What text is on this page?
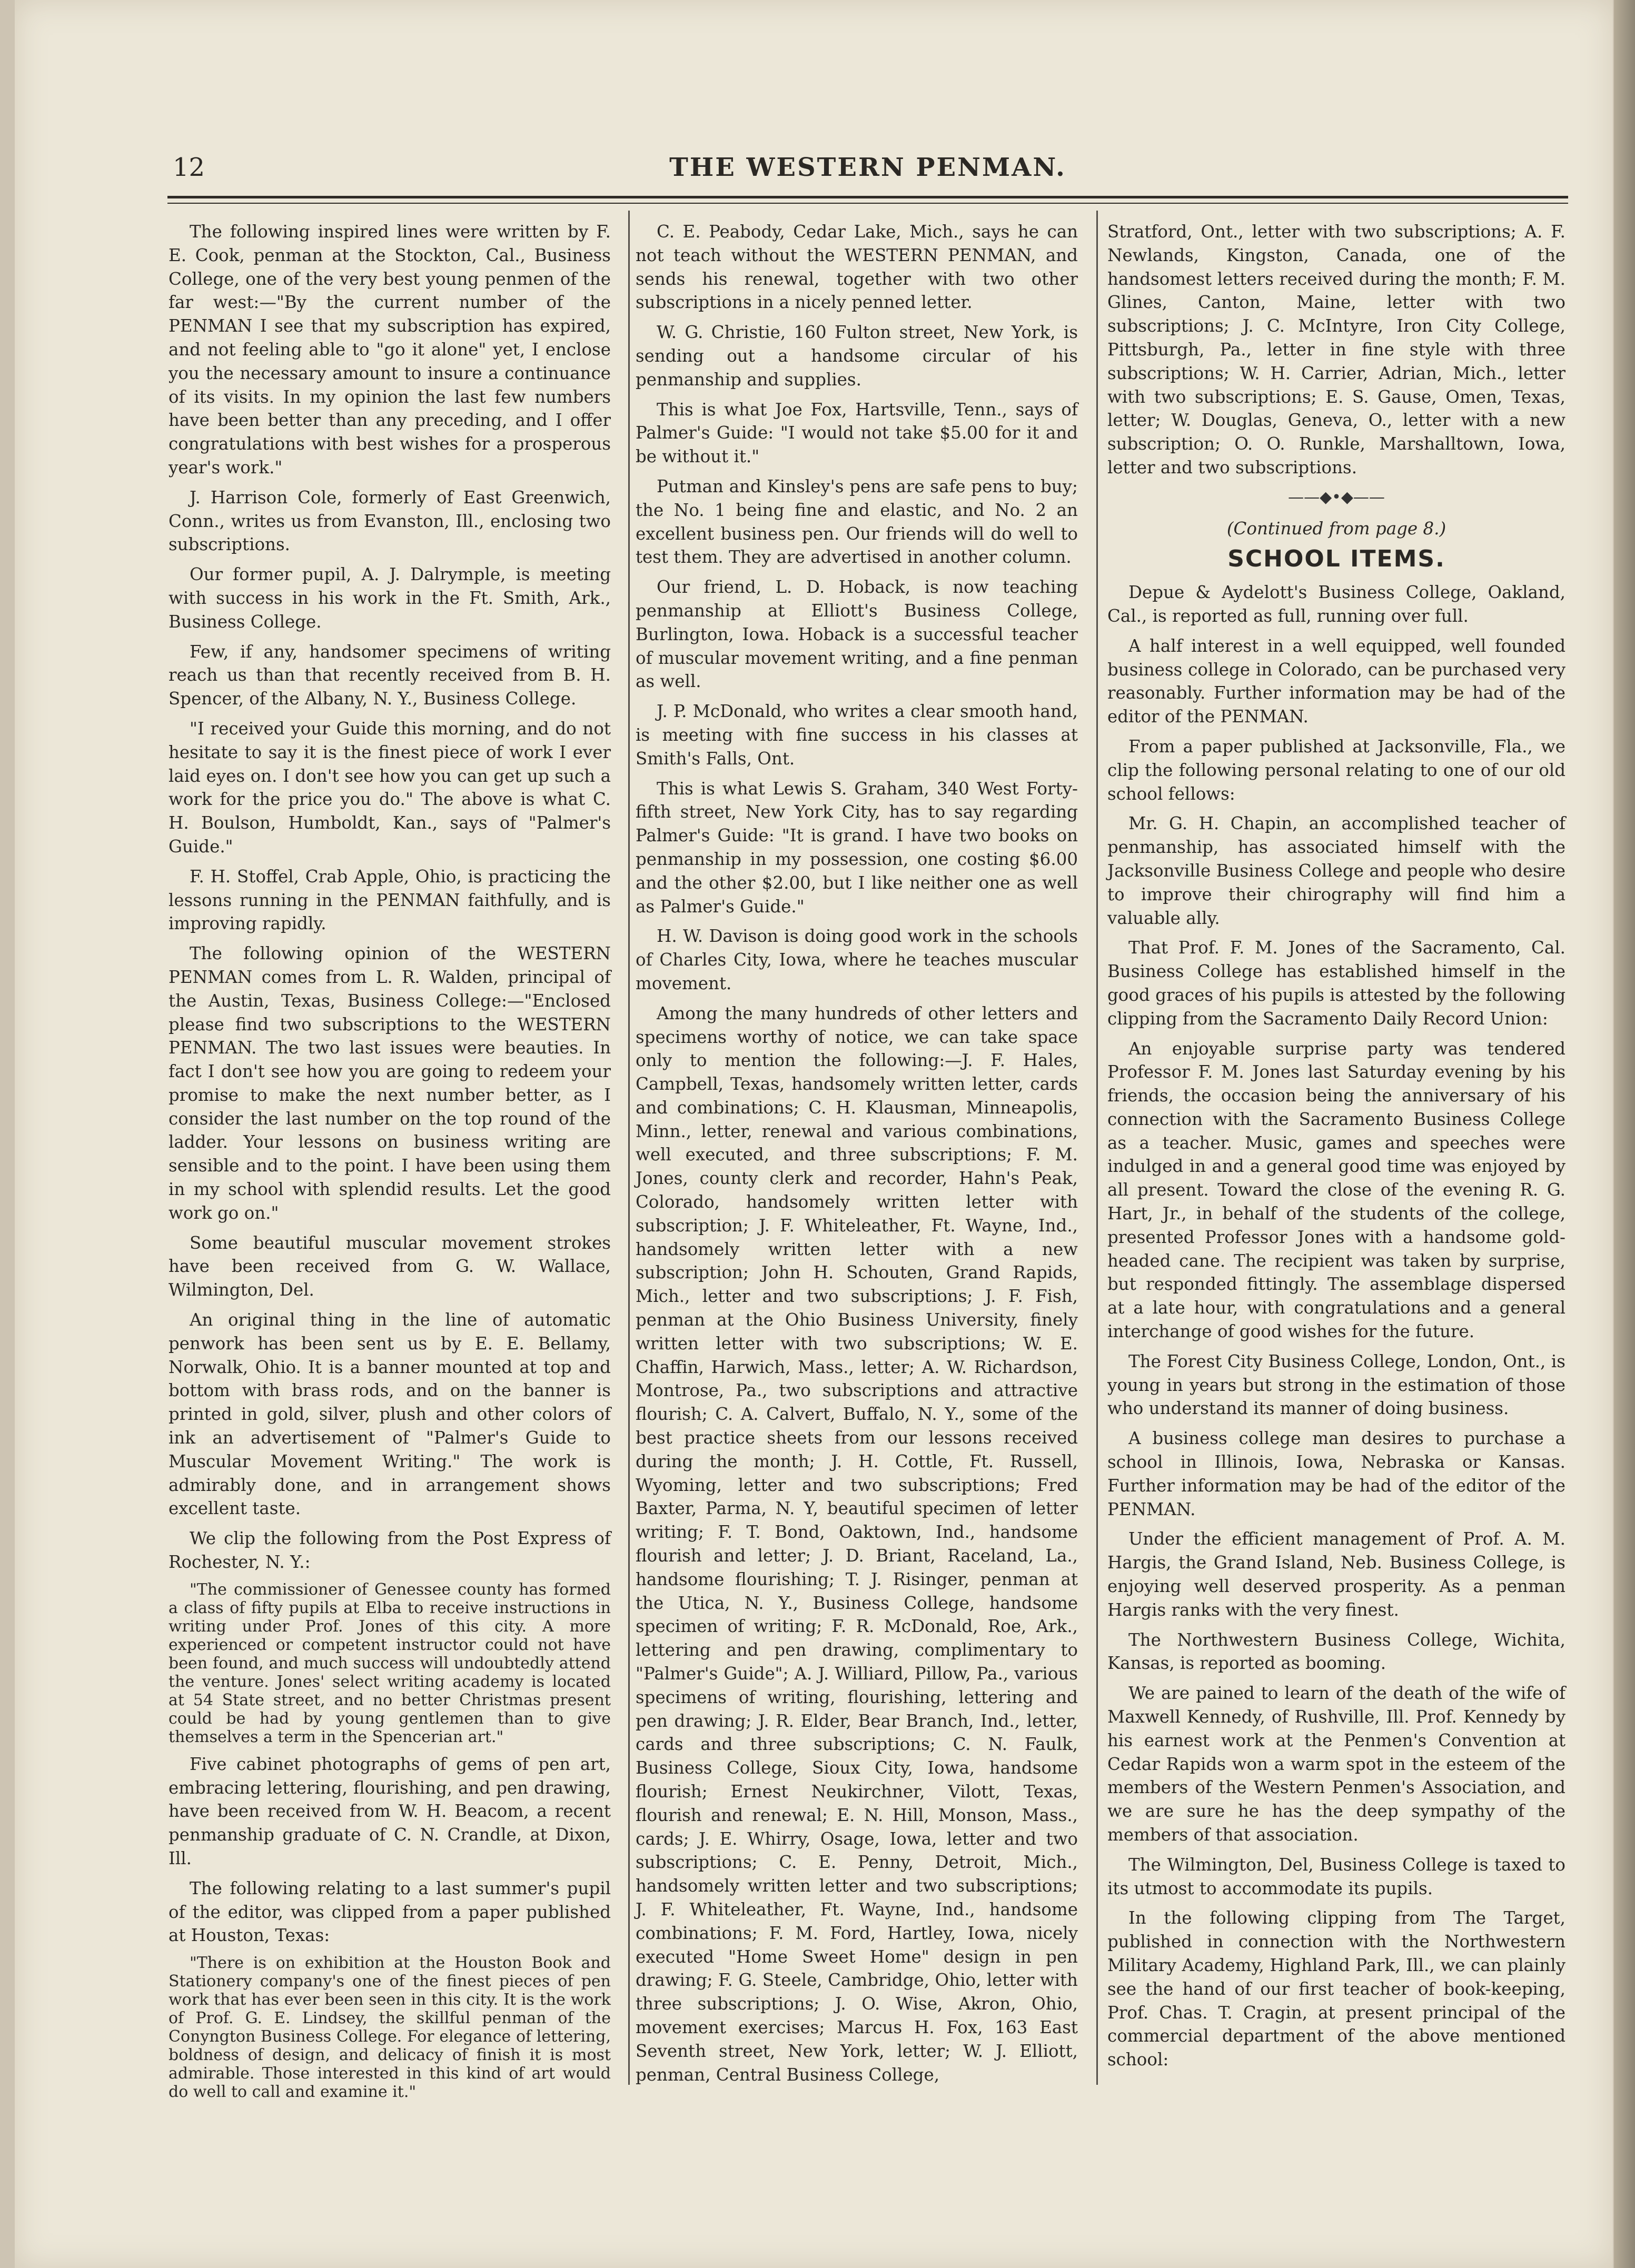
12	THE WESTERN PENMAN.

The following inspired lines were written by F. E. Cook, penman at the Stockton, Cal., Business College, one of the very best young penmen of the far west:—"By the current number of the PENMAN I see that my subscription has expired, and not feeling able to "go it alone" yet, I enclose you the necessary amount to insure a continuance of its visits. In my opinion the last few numbers have been better than any preceding, and I offer congratulations with best wishes for a prosperous year's work."

J. Harrison Cole, formerly of East Greenwich, Conn., writes us from Evanston, Ill., enclosing two subscriptions.

Our former pupil, A. J. Dalrymple, is meeting with success in his work in the Ft. Smith, Ark., Business College.

Few, if any, handsomer specimens of writing reach us than that recently received from B. H. Spencer, of the Albany, N. Y., Business College.

"I received your Guide this morning, and do not hesitate to say it is the finest piece of work I ever laid eyes on. I don't see how you can get up such a work for the price you do." The above is what C. H. Boulson, Humboldt, Kan., says of "Palmer's Guide."

F. H. Stoffel, Crab Apple, Ohio, is practicing the lessons running in the PENMAN faithfully, and is improving rapidly.

The following opinion of the WESTERN PENMAN comes from L. R. Walden, principal of the Austin, Texas, Business College:—"Enclosed please find two subscriptions to the WESTERN PENMAN. The two last issues were beauties. In fact I don't see how you are going to redeem your promise to make the next number better, as I consider the last number on the top round of the ladder. Your lessons on business writing are sensible and to the point. I have been using them in my school with splendid results. Let the good work go on."

Some beautiful muscular movement strokes have been received from G. W. Wallace, Wilmington, Del.

An original thing in the line of automatic penwork has been sent us by E. E. Bellamy, Norwalk, Ohio. It is a banner mounted at top and bottom with brass rods, and on the banner is printed in gold, silver, plush and other colors of ink an advertisement of "Palmer's Guide to Muscular Movement Writing." The work is admirably done, and in arrangement shows excellent taste.

We clip the following from the Post Express of Rochester, N. Y.:

"The commissioner of Genessee county has formed a class of fifty pupils at Elba to receive instructions in writing under Prof. Jones of this city. A more experienced or competent instructor could not have been found, and much success will undoubtedly attend the venture. Jones' select writing academy is located at 54 State street, and no better Christmas present could be had by young gentlemen than to give themselves a term in the Spencerian art."

Five cabinet photographs of gems of pen art, embracing lettering, flourishing, and pen drawing, have been received from W. H. Beacom, a recent penmanship graduate of C. N. Crandle, at Dixon, Ill.

The following relating to a last summer's pupil of the editor, was clipped from a paper published at Houston, Texas:

"There is on exhibition at the Houston Book and Stationery company's one of the finest pieces of pen work that has ever been seen in this city. It is the work of Prof. G. E. Lindsey, the skillful penman of the Conyngton Business College. For elegance of lettering, boldness of design, and delicacy of finish it is most admirable. Those interested in this kind of art would do well to call and examine it."

C. E. Peabody, Cedar Lake, Mich., says he can not teach without the WESTERN PENMAN, and sends his renewal, together with two other subscriptions in a nicely penned letter.

W. G. Christie, 160 Fulton street, New York, is sending out a handsome circular of his penmanship and supplies.

This is what Joe Fox, Hartsville, Tenn., says of Palmer's Guide: "I would not take $5.00 for it and be without it."

Putman and Kinsley's pens are safe pens to buy; the No. 1 being fine and elastic, and No. 2 an excellent business pen. Our friends will do well to test them. They are advertised in another column.

Our friend, L. D. Hoback, is now teaching penmanship at Elliott's Business College, Burlington, Iowa. Hoback is a successful teacher of muscular movement writing, and a fine penman as well.

J. P. McDonald, who writes a clear smooth hand, is meeting with fine success in his classes at Smith's Falls, Ont.

This is what Lewis S. Graham, 340 West Forty-fifth street, New York City, has to say regarding Palmer's Guide: "It is grand. I have two books on penmanship in my possession, one costing $6.00 and the other $2.00, but I like neither one as well as Palmer's Guide."

H. W. Davison is doing good work in the schools of Charles City, Iowa, where he teaches muscular movement.

Among the many hundreds of other letters and specimens worthy of notice, we can take space only to mention the following:—J. F. Hales, Campbell, Texas, handsomely written letter, cards and combinations; C. H. Klausman, Minneapolis, Minn., letter, renewal and various combinations, well executed, and three subscriptions; F. M. Jones, county clerk and recorder, Hahn's Peak, Colorado, handsomely written letter with subscription; J. F. Whiteleather, Ft. Wayne, Ind., handsomely written letter with a new subscription; John H. Schouten, Grand Rapids, Mich., letter and two subscriptions; J. F. Fish, penman at the Ohio Business University, finely written letter with two subscriptions; W. E. Chaffin, Harwich, Mass., letter; A. W. Richardson, Montrose, Pa., two subscriptions and attractive flourish; C. A. Calvert, Buffalo, N. Y., some of the best practice sheets from our lessons received during the month; J. H. Cottle, Ft. Russell, Wyoming, letter and two subscriptions; Fred Baxter, Parma, N. Y, beautiful specimen of letter writing; F. T. Bond, Oaktown, Ind., handsome flourish and letter; J. D. Briant, Raceland, La., handsome flourishing; T. J. Risinger, penman at the Utica, N. Y., Business College, handsome specimen of writing; F. R. McDonald, Roe, Ark., lettering and pen drawing, complimentary to "Palmer's Guide"; A. J. Williard, Pillow, Pa., various specimens of writing, flourishing, lettering and pen drawing; J. R. Elder, Bear Branch, Ind., letter, cards and three subscriptions; C. N. Faulk, Business College, Sioux City, Iowa, handsome flourish; Ernest Neukirchner, Vilott, Texas, flourish and renewal; E. N. Hill, Monson, Mass., cards; J. E. Whirry, Osage, Iowa, letter and two subscriptions; C. E. Penny, Detroit, Mich., handsomely written letter and two subscriptions; J. F. Whiteleather, Ft. Wayne, Ind., handsome combinations; F. M. Ford, Hartley, Iowa, nicely executed "Home Sweet Home" design in pen drawing; F. G. Steele, Cambridge, Ohio, letter with three subscriptions; J. O. Wise, Akron, Ohio, movement exercises; Marcus H. Fox, 163 East Seventh street, New York, letter; W. J. Elliott, penman, Central Business College,

Stratford, Ont., letter with two subscriptions; A. F. Newlands, Kingston, Canada, one of the handsomest letters received during the month; F. M. Glines, Canton, Maine, letter with two subscriptions; J. C. McIntyre, Iron City College, Pittsburgh, Pa., letter in fine style with three subscriptions; W. H. Carrier, Adrian, Mich., letter with two subscriptions; E. S. Gause, Omen, Texas, letter; W. Douglas, Geneva, O., letter with a new subscription; O. O. Runkle, Marshalltown, Iowa, letter and two subscriptions.

——◆•◆——
(Continued from page 8.)
SCHOOL ITEMS.

Depue & Aydelott's Business College, Oakland, Cal., is reported as full, running over full.

A half interest in a well equipped, well founded business college in Colorado, can be purchased very reasonably. Further information may be had of the editor of the PENMAN.

From a paper published at Jacksonville, Fla., we clip the following personal relating to one of our old school fellows:

Mr. G. H. Chapin, an accomplished teacher of penmanship, has associated himself with the Jacksonville Business College and people who desire to improve their chirography will find him a valuable ally.

That Prof. F. M. Jones of the Sacramento, Cal. Business College has established himself in the good graces of his pupils is attested by the following clipping from the Sacramento Daily Record Union:

An enjoyable surprise party was tendered Professor F. M. Jones last Saturday evening by his friends, the occasion being the anniversary of his connection with the Sacramento Business College as a teacher. Music, games and speeches were indulged in and a general good time was enjoyed by all present. Toward the close of the evening R. G. Hart, Jr., in behalf of the students of the college, presented Professor Jones with a handsome gold-headed cane. The recipient was taken by surprise, but responded fittingly. The assemblage dispersed at a late hour, with congratulations and a general interchange of good wishes for the future.

The Forest City Business College, London, Ont., is young in years but strong in the estimation of those who understand its manner of doing business.

A business college man desires to purchase a school in Illinois, Iowa, Nebraska or Kansas. Further information may be had of the editor of the PENMAN.

Under the efficient management of Prof. A. M. Hargis, the Grand Island, Neb. Business College, is enjoying well deserved prosperity. As a penman Hargis ranks with the very finest.

The Northwestern Business College, Wichita, Kansas, is reported as booming.

We are pained to learn of the death of the wife of Maxwell Kennedy, of Rushville, Ill. Prof. Kennedy by his earnest work at the Penmen's Convention at Cedar Rapids won a warm spot in the esteem of the members of the Western Penmen's Association, and we are sure he has the deep sympathy of the members of that association.

The Wilmington, Del, Business College is taxed to its utmost to accommodate its pupils.

In the following clipping from The Target, published in connection with the Northwestern Military Academy, Highland Park, Ill., we can plainly see the hand of our first teacher of book-keeping, Prof. Chas. T. Cragin, at present principal of the commercial department of the above mentioned school:
